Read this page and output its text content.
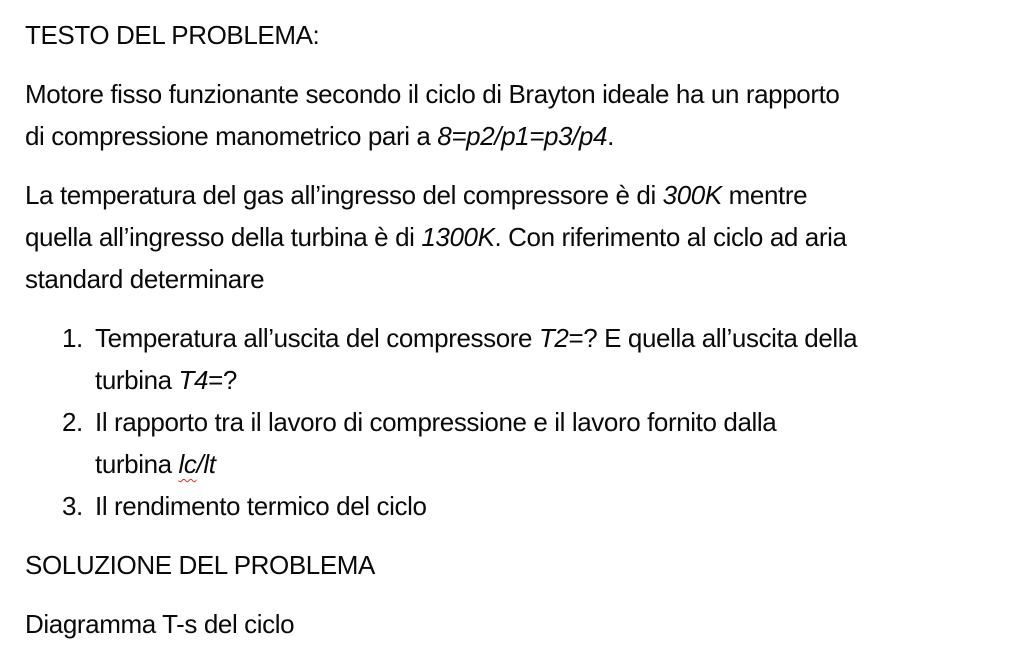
TESTO DEL PROBLEMA:
Motore fisso funzionante secondo il ciclo di Brayton ideale ha un rapporto
di compressione manometrico pari a 8=p2/p1=p3/p4.
La temperatura del gas all’ingresso del compressore è di 300K mentre
quella all’ingresso della turbina è di 1300K. Con riferimento al ciclo ad aria
standard determinare
1. Temperatura all’uscita del compressore T2=? E quella all’uscita della
turbina T4=?
2. Il rapporto tra il lavoro di compressione e il lavoro fornito dalla
turbina lc/lt
3. Il rendimento termico del ciclo
SOLUZIONE DEL PROBLEMA
Diagramma T-s del ciclo
